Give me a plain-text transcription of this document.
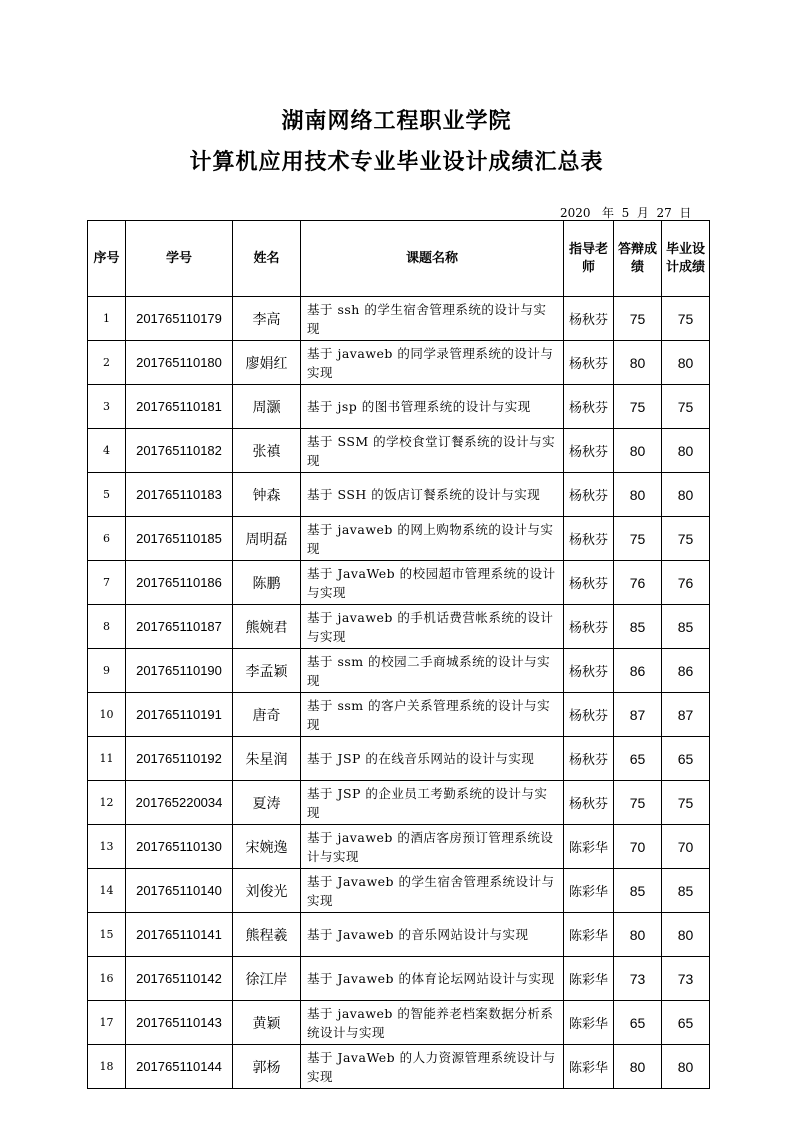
湖南网络工程职业学院
计算机应用技术专业毕业设计成绩汇总表
2020   年  5  月  27  日
序号	学号	姓名	课题名称	指导老师	答辩成绩	毕业设计成绩
1	201765110179	李高	基于 ssh 的学生宿舍管理系统的设计与实现	杨秋芬	75	75
2	201765110180	廖娟红	基于 javaweb 的同学录管理系统的设计与实现	杨秋芬	80	80
3	201765110181	周灏	基于 jsp 的图书管理系统的设计与实现	杨秋芬	75	75
4	201765110182	张禛	基于 SSM 的学校食堂订餐系统的设计与实现	杨秋芬	80	80
5	201765110183	钟森	基于 SSH 的饭店订餐系统的设计与实现	杨秋芬	80	80
6	201765110185	周明磊	基于 javaweb 的网上购物系统的设计与实现	杨秋芬	75	75
7	201765110186	陈鹏	基于 JavaWeb 的校园超市管理系统的设计与实现	杨秋芬	76	76
8	201765110187	熊婉君	基于 javaweb 的手机话费营帐系统的设计与实现	杨秋芬	85	85
9	201765110190	李孟颖	基于 ssm 的校园二手商城系统的设计与实现	杨秋芬	86	86
10	201765110191	唐奇	基于 ssm 的客户关系管理系统的设计与实现	杨秋芬	87	87
11	201765110192	朱星润	基于 JSP 的在线音乐网站的设计与实现	杨秋芬	65	65
12	201765220034	夏涛	基于 JSP 的企业员工考勤系统的设计与实现	杨秋芬	75	75
13	201765110130	宋婉逸	基于 javaweb 的酒店客房预订管理系统设计与实现	陈彩华	70	70
14	201765110140	刘俊光	基于 Javaweb 的学生宿舍管理系统设计与实现	陈彩华	85	85
15	201765110141	熊程羲	基于 Javaweb 的音乐网站设计与实现	陈彩华	80	80
16	201765110142	徐江岸	基于 Javaweb 的体育论坛网站设计与实现	陈彩华	73	73
17	201765110143	黄颖	基于 javaweb 的智能养老档案数据分析系统设计与实现	陈彩华	65	65
18	201765110144	郭杨	基于 JavaWeb 的人力资源管理系统设计与实现	陈彩华	80	80
